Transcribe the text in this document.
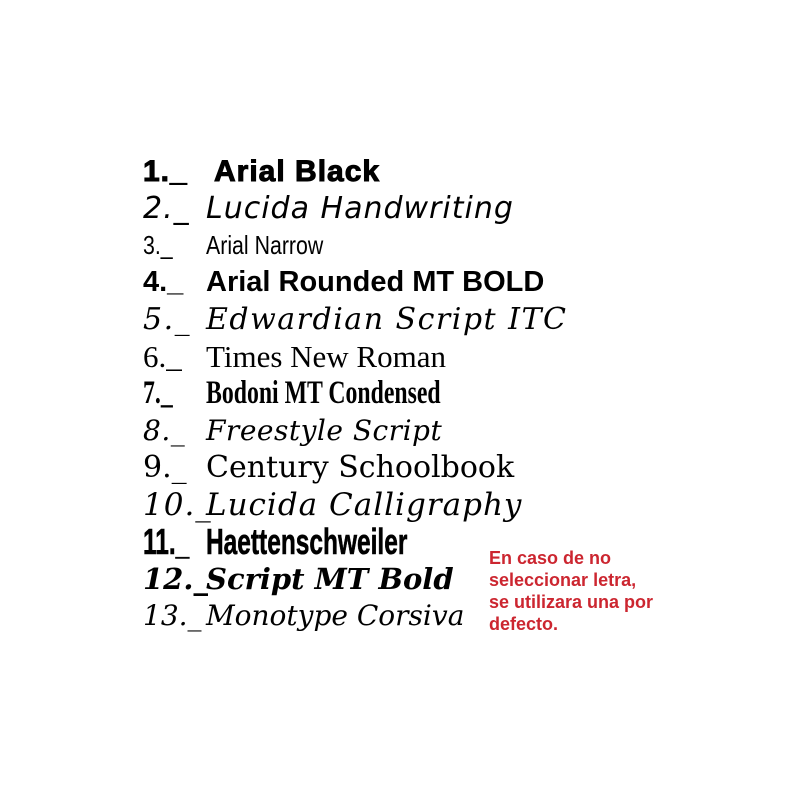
1._ Arial Black
2._ Lucida Handwriting
3._	Arial Narrow
4._ Arial Rounded MT BOLD
5._ Edwardian Script ITC
6._ Times New Roman
7._	Bodoni MT Condensed
8._ Freestyle Script
9._ Century Schoolbook
10._
Lucida Calligraphy
11._ Haettenschweiler
12._
Script MT Bold
13._ Monotype Corsiva
En caso de no
seleccionar letra,
se utilizara una por
defecto.
